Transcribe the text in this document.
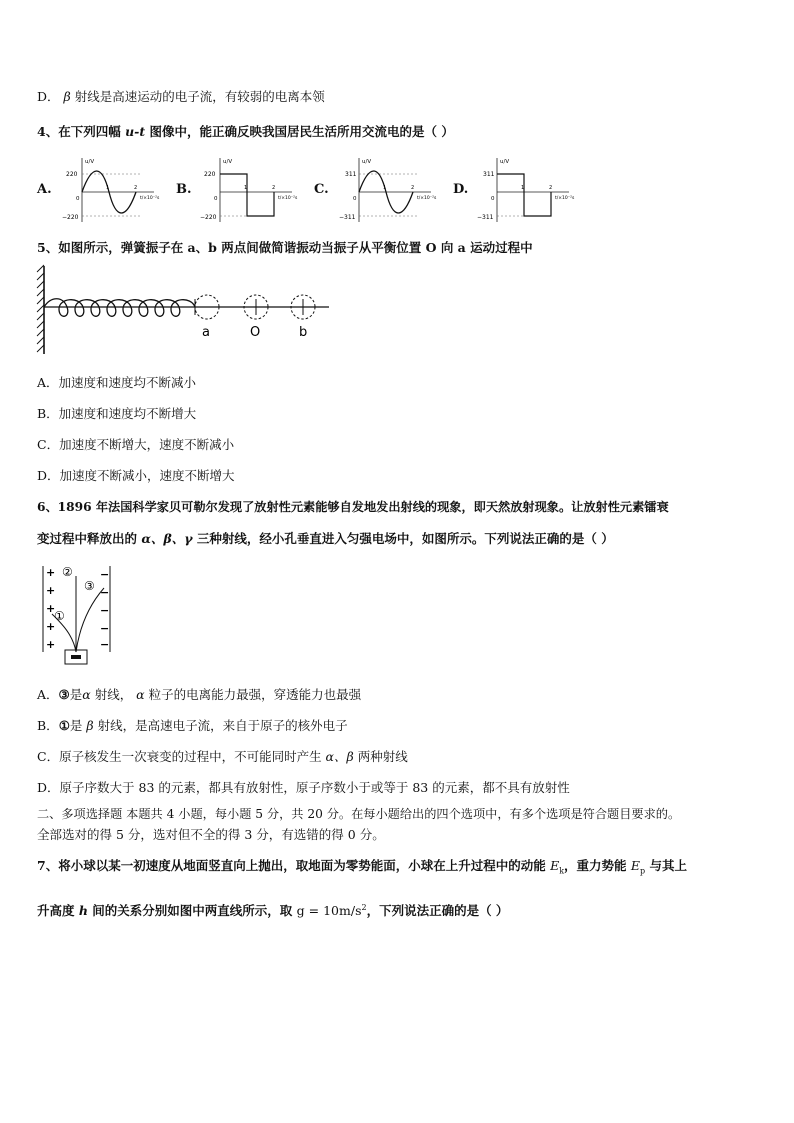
D． β 射线是高速运动的电子流，有较弱的电离本领
4、在下列四幅 u-t 图像中，能正确反映我国居民生活所用交流电的是（ ）
A.	B.	C.	D.
u/V
220
−220
0
1	2
t/×10⁻²s
u/V
220
−220
0
1	2
t/×10⁻²s
u/V
311
−311
0
1	2
t/×10⁻²s
u/V
311
−311
0
1	2
t/×10⁻²s
5、如图所示，弹簧振子在 a、b 两点间做简谐振动当振子从平衡位置 O 向 a 运动过程中
a	O	b
A．加速度和速度均不断减小
B．加速度和速度均不断增大
C．加速度不断增大，速度不断减小
D．加速度不断减小，速度不断增大
6、1896 年法国科学家贝可勒尔发现了放射性元素能够自发地发出射线的现象，即天然放射现象。让放射性元素镭衰
变过程中释放出的 α、β、γ 三种射线，经小孔垂直进入匀强电场中，如图所示。下列说法正确的是（ ）
+
+
+
+
+
−
−
−
−
−
①
②
③
A．③是α 射线， α 粒子的电离能力最强，穿透能力也最强
B．①是 β 射线，是高速电子流，来自于原子的核外电子
C．原子核发生一次衰变的过程中，不可能同时产生 α、β 两种射线
D．原子序数大于 83 的元素，都具有放射性，原子序数小于或等于 83 的元素，都不具有放射性
二、多项选择题 本题共 4 小题，每小题 5 分，共 20 分。在每小题给出的四个选项中，有多个选项是符合题目要求的。
全部选对的得 5 分，选对但不全的得 3 分，有选错的得 0 分。
7、将小球以某一初速度从地面竖直向上抛出，取地面为零势能面，小球在上升过程中的动能 $E_k$，重力势能 $E_p$ 与其上
升高度 h 间的关系分别如图中两直线所示，取 $g = 10m/s^2$，下列说法正确的是（ ）
